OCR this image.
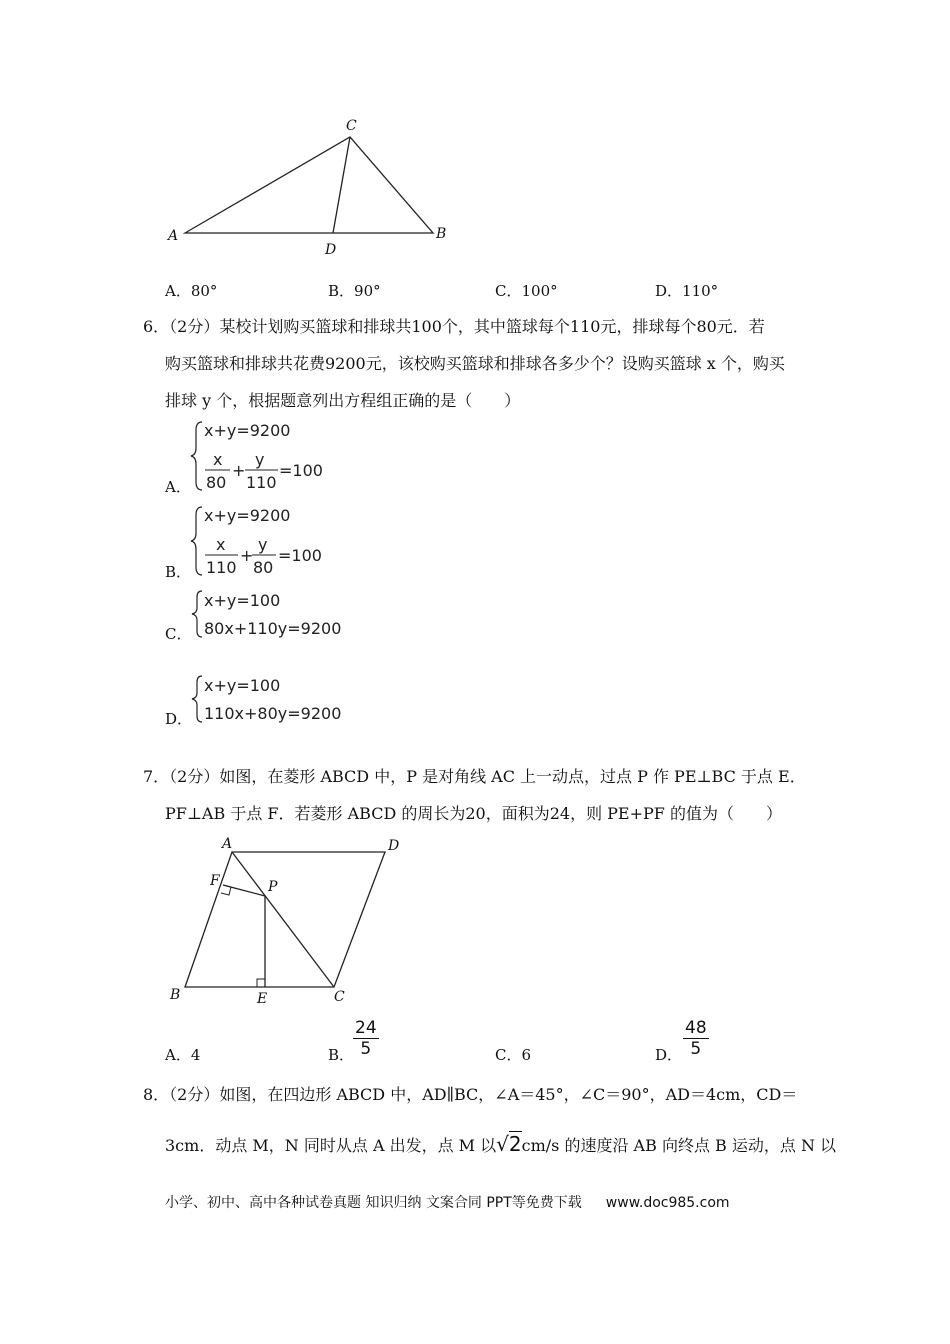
A
C
D
B
A．80°	B．90°	C．100°	D．110°
6．（2分）某校计划购买篮球和排球共100个，其中篮球每个110元，排球每个80元．若
购买篮球和排球共花费9200元，该校购买篮球和排球各多少个？设购买篮球 x 个，购买
排球 y 个，根据题意列出方程组正确的是（　　）
A．
x+y=9200
x
80
+
y
110
=100
B．
x+y=9200
x
110
+
y
80
=100
C．
x+y=100
80x+110y=9200
D．
x+y=100
110x+80y=9200
7．（2分）如图，在菱形 ABCD 中，P 是对角线 AC 上一动点，过点 P 作 PE⊥BC 于点 E．
PF⊥AB 于点 F．若菱形 ABCD 的周长为20，面积为24，则 PE+PF 的值为（　　）
A	D
F	P
B	E	C
A．4	B．
$\frac{24}{5}$	C．6	D． $\frac{48}{5}$
8．（2分）如图，在四边形 ABCD 中，AD∥BC，∠A＝45°，∠C＝90°，AD＝4cm，CD＝
3cm．动点 M，N 同时从点 A 出发，点 M 以√2cm/s 的速度沿 AB 向终点 B 运动，点 N 以
小学、初中、高中各种试卷真题 知识归纳 文案合同 PPT等免费下载 www.doc985.com
